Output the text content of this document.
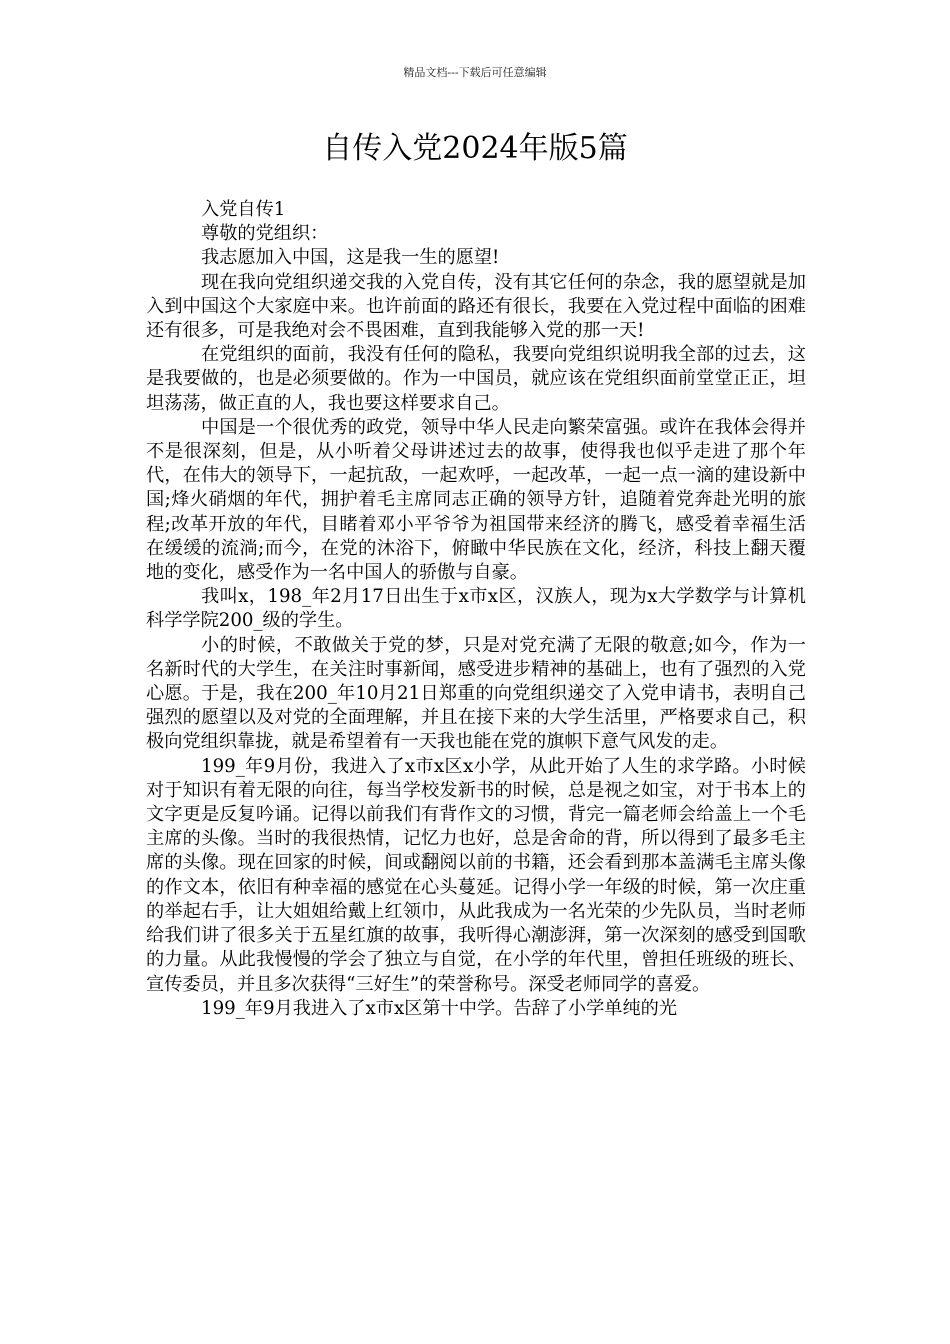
精品文档---下载后可任意编辑
自传入党2024年版5篇

入党自传1

尊敬的党组织：

我志愿加入中国，这是我一生的愿望!

现在我向党组织递交我的入党自传，没有其它任何的杂念，我的愿望就是加入到中国这个大家庭中来。也许前面的路还有很长，我要在入党过程中面临的困难还有很多，可是我绝对会不畏困难，直到我能够入党的那一天!

在党组织的面前，我没有任何的隐私，我要向党组织说明我全部的过去，这是我要做的，也是必须要做的。作为一中国员，就应该在党组织面前堂堂正正，坦坦荡荡，做正直的人，我也要这样要求自己。

中国是一个很优秀的政党，领导中华人民走向繁荣富强。或许在我体会得并不是很深刻，但是，从小听着父母讲述过去的故事，使得我也似乎走进了那个年代，在伟大的领导下，一起抗敌，一起欢呼，一起改革，一起一点一滴的建设新中国;烽火硝烟的年代，拥护着毛主席同志正确的领导方针，追随着党奔赴光明的旅程;改革开放的年代，目睹着邓小平爷爷为祖国带来经济的腾飞，感受着幸福生活在缓缓的流淌;而今，在党的沐浴下，俯瞰中华民族在文化，经济，科技上翻天覆地的变化，感受作为一名中国人的骄傲与自豪。

我叫x，198_年2月17日出生于x市x区，汉族人，现为x大学数学与计算机科学学院200_级的学生。

小的时候，不敢做关于党的梦，只是对党充满了无限的敬意;如今，作为一名新时代的大学生，在关注时事新闻，感受进步精神的基础上，也有了强烈的入党心愿。于是，我在200_年10月21日郑重的向党组织递交了入党申请书，表明自己强烈的愿望以及对党的全面理解，并且在接下来的大学生活里，严格要求自己，积极向党组织靠拢，就是希望着有一天我也能在党的旗帜下意气风发的走。

199_年9月份，我进入了x市x区x小学，从此开始了人生的求学路。小时候对于知识有着无限的向往，每当学校发新书的时候，总是视之如宝，对于书本上的文字更是反复吟诵。记得以前我们有背作文的习惯，背完一篇老师会给盖上一个毛主席的头像。当时的我很热情，记忆力也好，总是舍命的背，所以得到了最多毛主席的头像。现在回家的时候，间或翻阅以前的书籍，还会看到那本盖满毛主席头像的作文本，依旧有种幸福的感觉在心头蔓延。记得小学一年级的时候，第一次庄重的举起右手，让大姐姐给戴上红领巾，从此我成为一名光荣的少先队员，当时老师给我们讲了很多关于五星红旗的故事，我听得心潮澎湃，第一次深刻的感受到国歌的力量。从此我慢慢的学会了独立与自觉，在小学的年代里，曾担任班级的班长、宣传委员，并且多次获得“三好生”的荣誉称号。深受老师同学的喜爱。

199_年9月我进入了x市x区第十中学。告辞了小学单纯的光
